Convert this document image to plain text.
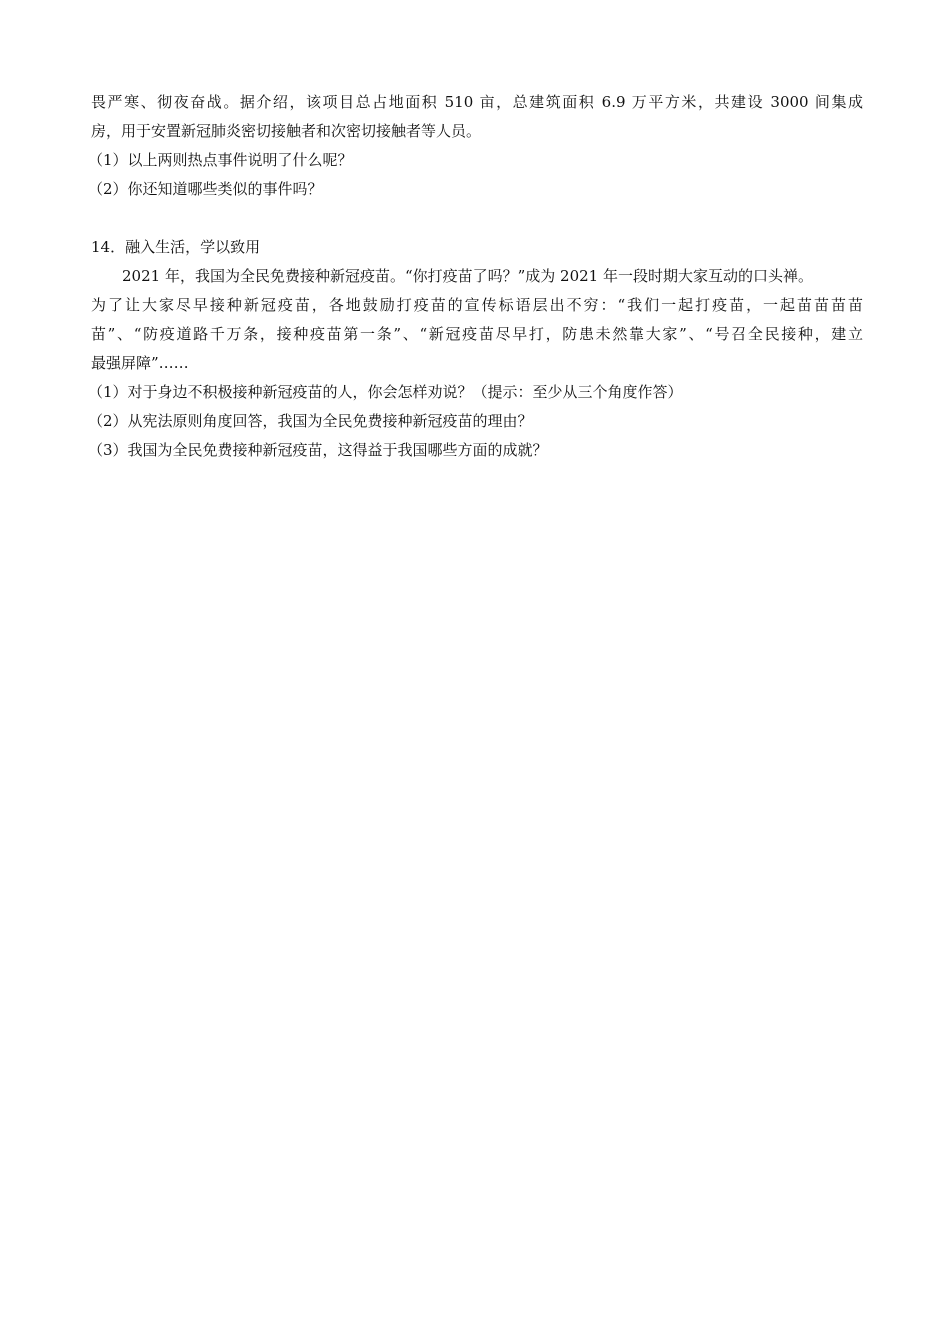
畏严寒、彻夜奋战。据介绍，该项目总占地面积 510 亩，总建筑面积 6.9 万平方米，共建设 3000 间集成
房，用于安置新冠肺炎密切接触者和次密切接触者等人员。
（1）以上两则热点事件说明了什么呢？
（2）你还知道哪些类似的事件吗？
14．融入生活，学以致用
2021 年，我国为全民免费接种新冠疫苗。“你打疫苗了吗？”成为 2021 年一段时期大家互动的口头禅。
为了让大家尽早接种新冠疫苗，各地鼓励打疫苗的宣传标语层出不穷：“我们一起打疫苗，一起苗苗苗苗
苗”、“防疫道路千万条，接种疫苗第一条”、“新冠疫苗尽早打，防患未然靠大家”、“号召全民接种，建立
最强屏障”……
（1）对于身边不积极接种新冠疫苗的人，你会怎样劝说？（提示：至少从三个角度作答）
（2）从宪法原则角度回答，我国为全民免费接种新冠疫苗的理由？
（3）我国为全民免费接种新冠疫苗，这得益于我国哪些方面的成就？
